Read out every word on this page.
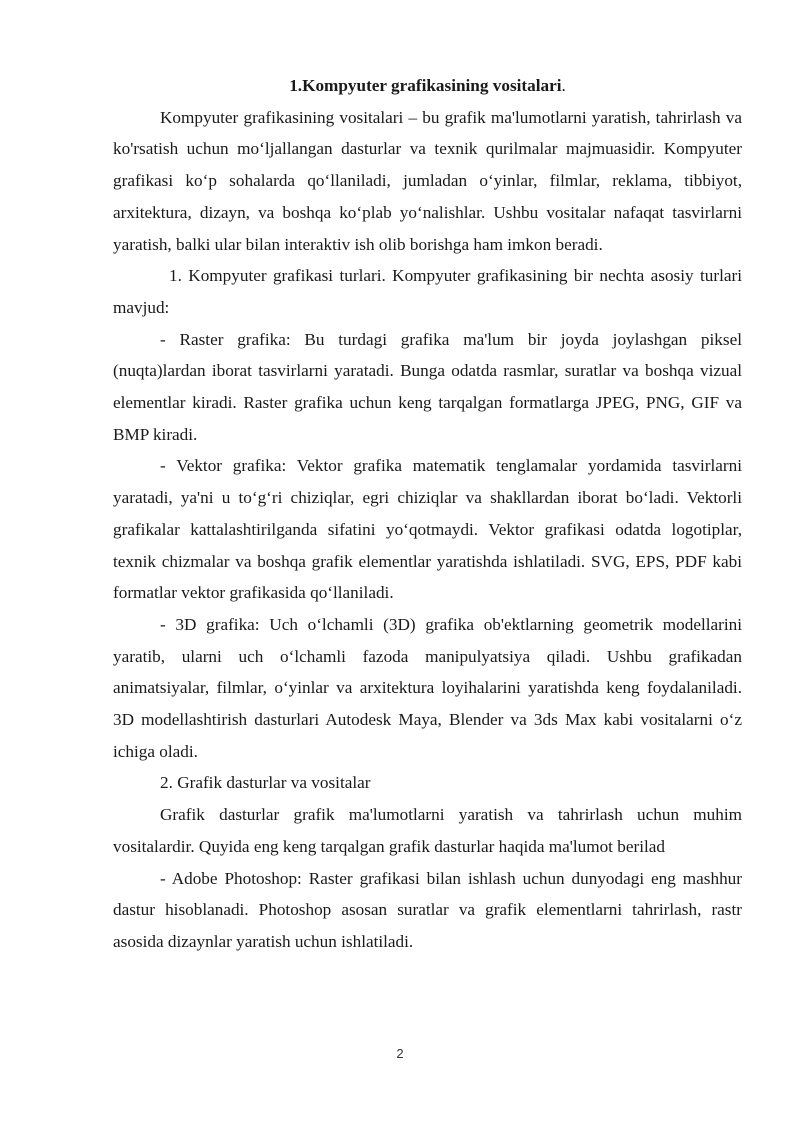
1.Kompyuter grafikasining vositalari.

Kompyuter grafikasining vositalari – bu grafik ma'lumotlarni yaratish, tahrirlash va ko'rsatish uchun mo‘ljallangan dasturlar va texnik qurilmalar majmuasidir. Kompyuter grafikasi ko‘p sohalarda qo‘llaniladi, jumladan o‘yinlar, filmlar, reklama, tibbiyot, arxitektura, dizayn, va boshqa ko‘plab yo‘nalishlar. Ushbu vositalar nafaqat tasvirlarni yaratish, balki ular bilan interaktiv ish olib borishga ham imkon beradi.

1. Kompyuter grafikasi turlari. Kompyuter grafikasining bir nechta asosiy turlari mavjud:

- Raster grafika: Bu turdagi grafika ma'lum bir joyda joylashgan piksel (nuqta)lardan iborat tasvirlarni yaratadi. Bunga odatda rasmlar, suratlar va boshqa vizual elementlar kiradi. Raster grafika uchun keng tarqalgan formatlarga JPEG, PNG, GIF va BMP kiradi.

- Vektor grafika: Vektor grafika matematik tenglamalar yordamida tasvirlarni yaratadi, ya'ni u to‘g‘ri chiziqlar, egri chiziqlar va shakllardan iborat bo‘ladi. Vektorli grafikalar kattalashtirilganda sifatini yo‘qotmaydi. Vektor grafikasi odatda logotiplar, texnik chizmalar va boshqa grafik elementlar yaratishda ishlatiladi. SVG, EPS, PDF kabi formatlar vektor grafikasida qo‘llaniladi.

- 3D grafika: Uch o‘lchamli (3D) grafika ob'ektlarning geometrik modellarini yaratib, ularni uch o‘lchamli fazoda manipulyatsiya qiladi. Ushbu grafikadan animatsiyalar, filmlar, o‘yinlar va arxitektura loyihalarini yaratishda keng foydalaniladi. 3D modellashtirish dasturlari Autodesk Maya, Blender va 3ds Max kabi vositalarni o‘z ichiga oladi.

2. Grafik dasturlar va vositalar

Grafik dasturlar grafik ma'lumotlarni yaratish va tahrirlash uchun muhim vositalardir. Quyida eng keng tarqalgan grafik dasturlar haqida ma'lumot berilad

- Adobe Photoshop: Raster grafikasi bilan ishlash uchun dunyodagi eng mashhur dastur hisoblanadi. Photoshop asosan suratlar va grafik elementlarni tahrirlash, rastr asosida dizaynlar yaratish uchun ishlatiladi.

2
